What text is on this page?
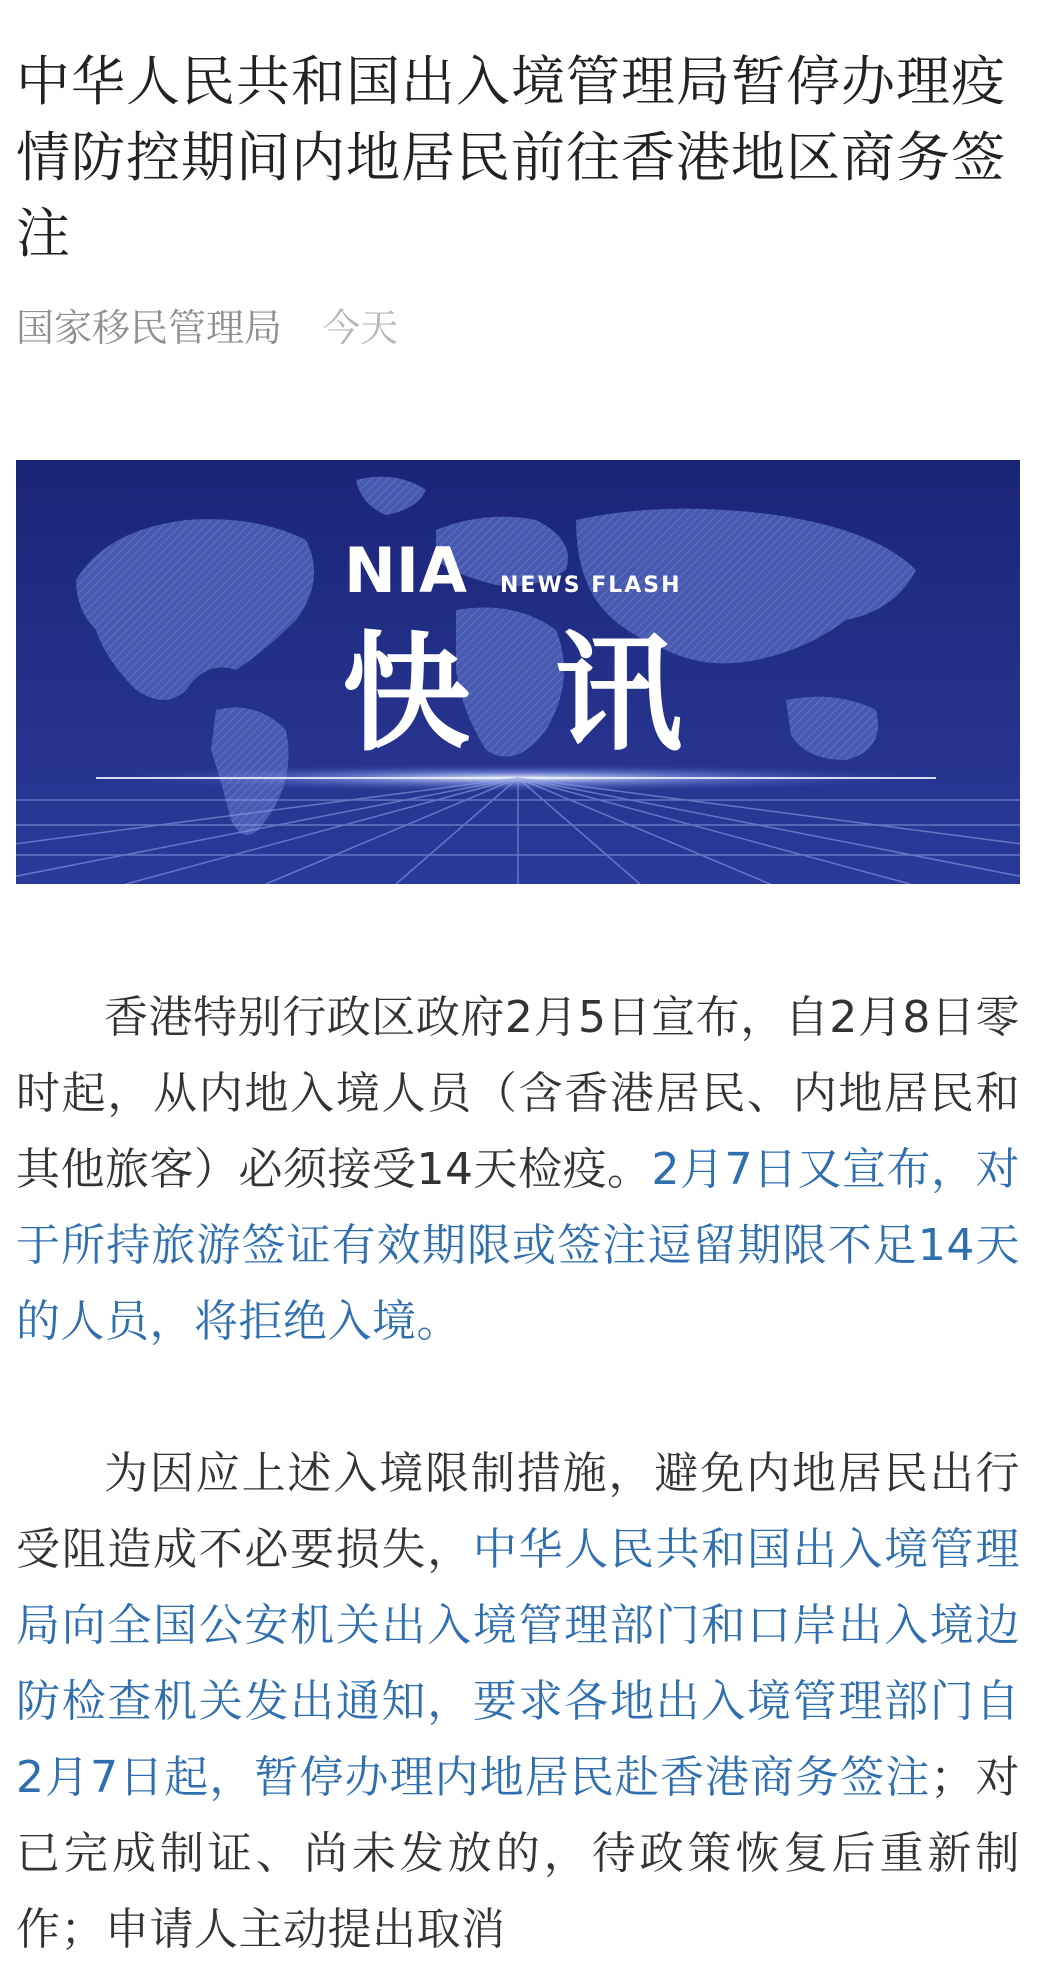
中华人民共和国出入境管理局暂停办理疫情防控期间内地居民前往香港地区商务签注
国家移民管理局 今天
NIA NEWS FLASH
快 讯

香港特别行政区政府2月5日宣布，自2月8日零时起，从内地入境人员（含香港居民、内地居民和其他旅客）必须接受14天检疫。2月7日又宣布，对于所持旅游签证有效期限或签注逗留期限不足14天的人员，将拒绝入境。

为因应上述入境限制措施，避免内地居民出行受阻造成不必要损失，中华人民共和国出入境管理局向全国公安机关出入境管理部门和口岸出入境边防检查机关发出通知，要求各地出入境管理部门自2月7日起，暂停办理内地居民赴香港商务签注；对已完成制证、尚未发放的，待政策恢复后重新制作；申请人主动提出取消
